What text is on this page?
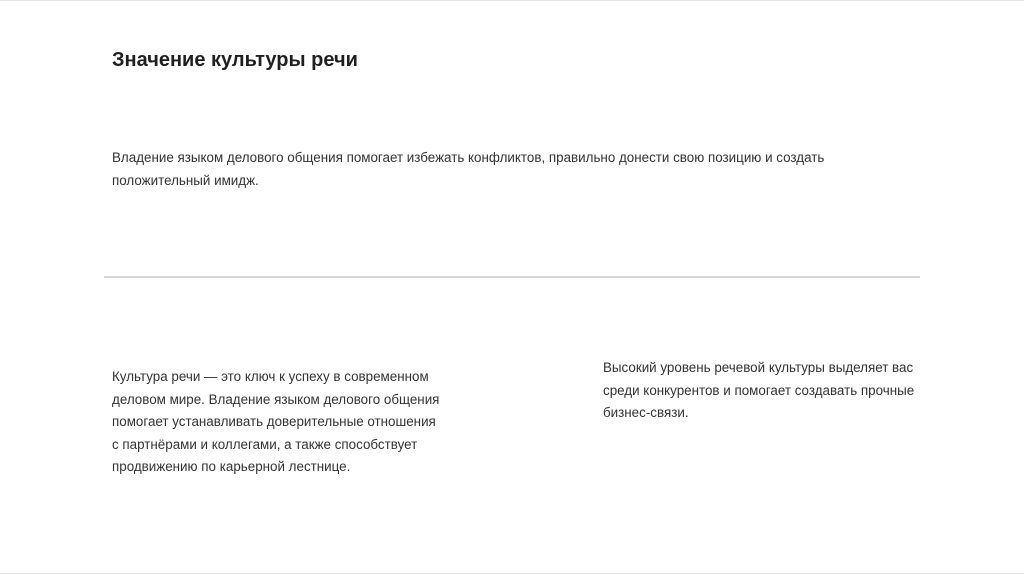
Значение культуры речи

Владение языком делового общения помогает избежать конфликтов, правильно донести свою позицию и создать положительный имидж.

Культура речи — это ключ к успеху в современном деловом мире. Владение языком делового общения помогает устанавливать доверительные отношения с партнёрами и коллегами, а также способствует продвижению по карьерной лестнице.

Высокий уровень речевой культуры выделяет вас среди конкурентов и помогает создавать прочные бизнес-связи.
